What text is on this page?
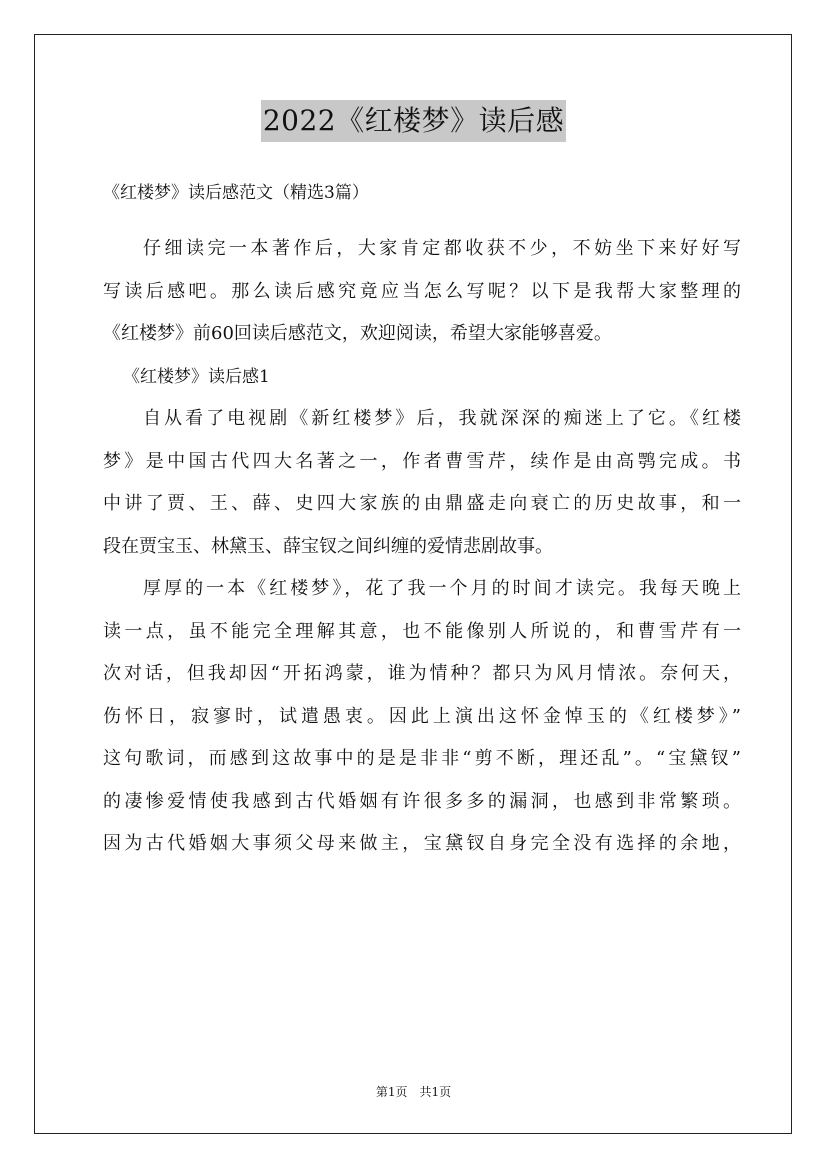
2022《红楼梦》读后感
《红楼梦》读后感范文（精选3篇）

仔细读完一本著作后，大家肯定都收获不少，不妨坐下来好好写
写读后感吧。那么读后感究竟应当怎么写呢？以下是我帮大家整理的
《红楼梦》前60回读后感范文，欢迎阅读，希望大家能够喜爱。

《红楼梦》读后感1

自从看了电视剧《新红楼梦》后，我就深深的痴迷上了它。《红楼
梦》是中国古代四大名著之一，作者曹雪芹，续作是由高鹗完成。书
中讲了贾、王、薛、史四大家族的由鼎盛走向衰亡的历史故事，和一
段在贾宝玉、林黛玉、薛宝钗之间纠缠的爱情悲剧故事。

厚厚的一本《红楼梦》，花了我一个月的时间才读完。我每天晚上
读一点，虽不能完全理解其意，也不能像别人所说的，和曹雪芹有一
次对话，但我却因“开拓鸿蒙，谁为情种？都只为风月情浓。奈何天，
伤怀日，寂寥时，试遣愚衷。因此上演出这怀金悼玉的《红楼梦》”
这句歌词，而感到这故事中的是是非非“剪不断，理还乱”。“宝黛钗”
的凄惨爱情使我感到古代婚姻有许很多多的漏洞，也感到非常繁琐。
因为古代婚姻大事须父母来做主，宝黛钗自身完全没有选择的余地，

第1页　共1页
